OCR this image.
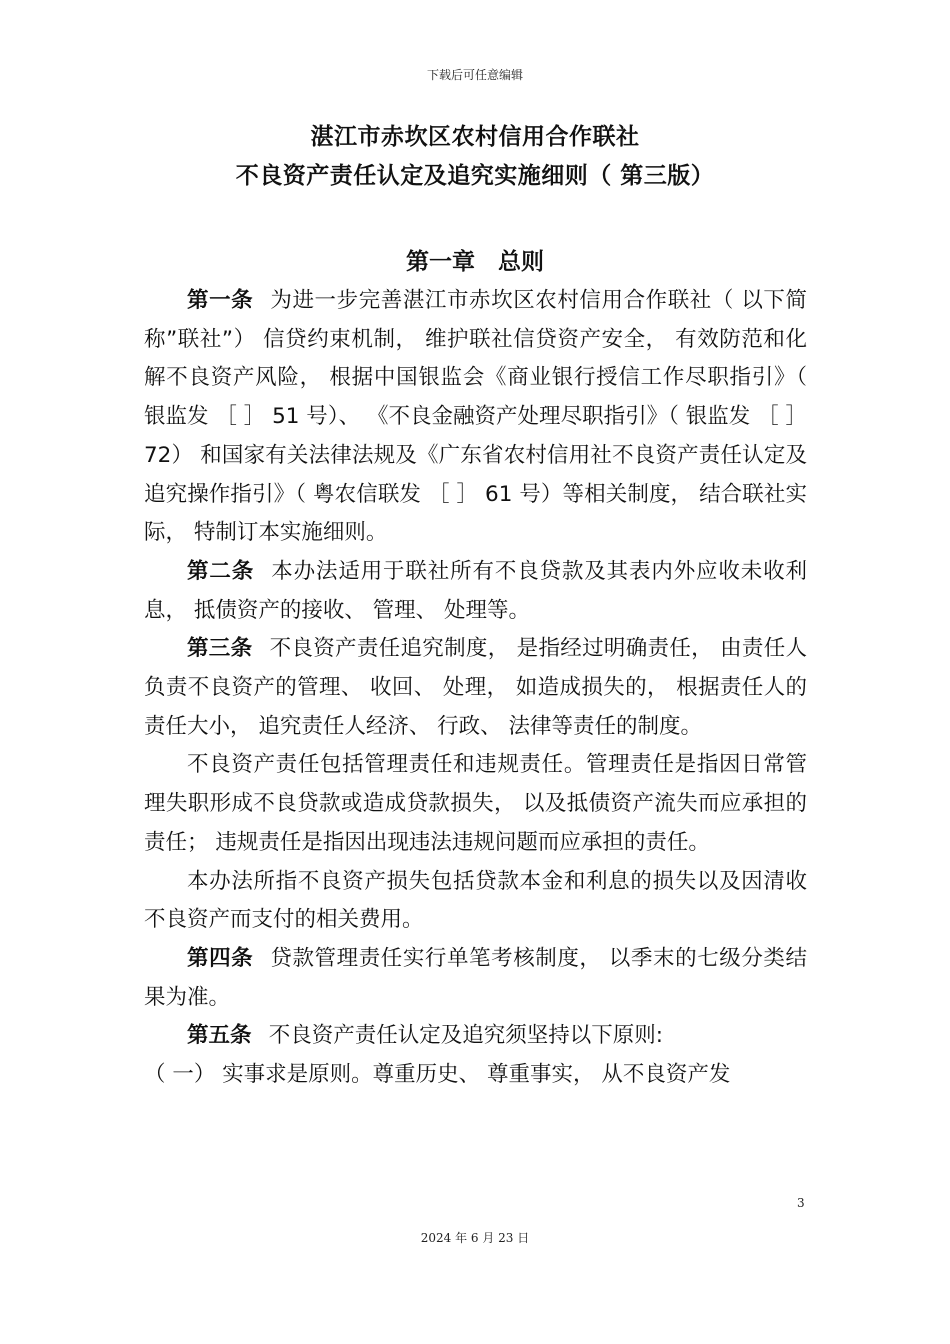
下载后可任意编辑
湛江市赤坎区农村信用合作联社
不良资产责任认定及追究实施细则（ 第三版）
第一章　总则

第一条 为进一步完善湛江市赤坎区农村信用合作联社（ 以下简称”联社”） 信贷约束机制， 维护联社信贷资产安全， 有效防范和化解不良资产风险， 根据中国银监会《商业银行授信工作尽职指引》（ 银监发 ［ ］ 51 号）、 《不良金融资产处理尽职指引》（ 银监发 ［ ］ 72） 和国家有关法律法规及《广东省农村信用社不良资产责任认定及追究操作指引》（ 粤农信联发 ［ ］ 61 号）等相关制度， 结合联社实际， 特制订本实施细则。

第二条 本办法适用于联社所有不良贷款及其表内外应收未收利息， 抵债资产的接收、 管理、 处理等。

第三条 不良资产责任追究制度， 是指经过明确责任， 由责任人负责不良资产的管理、 收回、 处理， 如造成损失的， 根据责任人的责任大小， 追究责任人经济、 行政、 法律等责任的制度。

不良资产责任包括管理责任和违规责任。管理责任是指因日常管理失职形成不良贷款或造成贷款损失， 以及抵债资产流失而应承担的责任； 违规责任是指因出现违法违规问题而应承担的责任。

本办法所指不良资产损失包括贷款本金和利息的损失以及因清收不良资产而支付的相关费用。

第四条 贷款管理责任实行单笔考核制度， 以季末的七级分类结果为准。

第五条 不良资产责任认定及追究须坚持以下原则:

（ 一） 实事求是原则。尊重历史、 尊重事实， 从不良资产发

3
2024 年 6 月 23 日
